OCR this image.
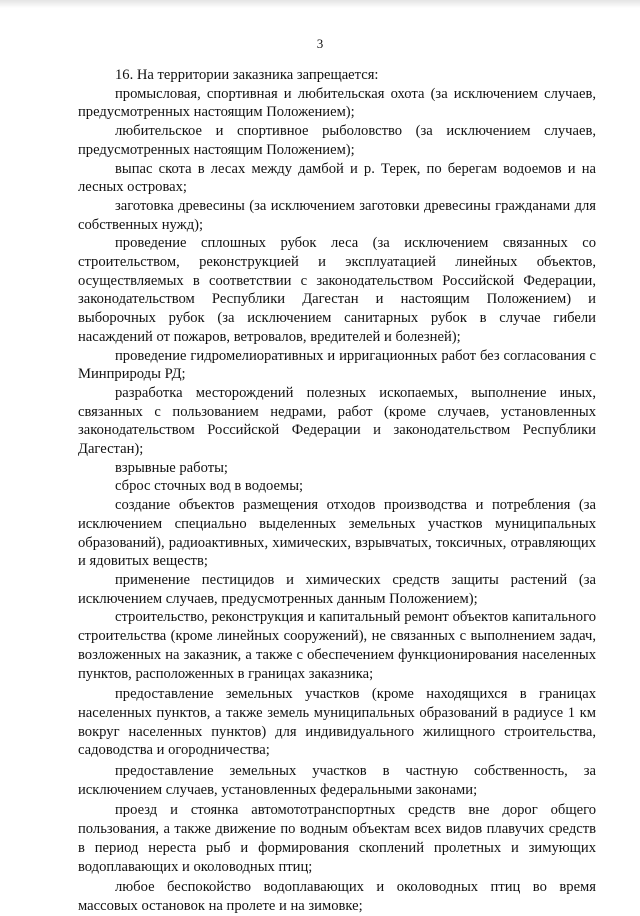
3

16. На территории заказника запрещается:

промысловая, спортивная и любительская охота (за исключением случаев, предусмотренных настоящим Положением);

любительское и спортивное рыболовство (за исключением случаев, предусмотренных настоящим Положением);

выпас скота в лесах между дамбой и р. Терек, по берегам водоемов и на лесных островах;

заготовка древесины (за исключением заготовки древесины гражданами для собственных нужд);

проведение сплошных рубок леса (за исключением связанных со строительством, реконструкцией и эксплуатацией линейных объектов, осуществляемых в соответствии с законодательством Российской Федерации, законодательством Республики Дагестан и настоящим Положением) и выборочных рубок (за исключением санитарных рубок в случае гибели насаждений от пожаров, ветровалов, вредителей и болезней);

проведение гидромелиоративных и ирригационных работ без согласования с Минприроды РД;

разработка месторождений полезных ископаемых, выполнение иных, связанных с пользованием недрами, работ (кроме случаев, установленных законодательством Российской Федерации и законодательством Республики Дагестан);

взрывные работы;

сброс сточных вод в водоемы;

создание объектов размещения отходов производства и потребления (за исключением специально выделенных земельных участков муниципальных образований), радиоактивных, химических, взрывчатых, токсичных, отравляющих и ядовитых веществ;

применение пестицидов и химических средств защиты растений (за исключением случаев, предусмотренных данным Положением);

строительство, реконструкция и капитальный ремонт объектов капитального строительства (кроме линейных сооружений), не связанных с выполнением задач, возложенных на заказник, а также с обеспечением функционирования населенных пунктов, расположенных в границах заказника;

предоставление земельных участков (кроме находящихся в границах населенных пунктов, а также земель муниципальных образований в радиусе 1 км вокруг населенных пунктов) для индивидуального жилищного строительства, садоводства и огородничества;

предоставление земельных участков в частную собственность, за исключением случаев, установленных федеральными законами;

проезд и стоянка автомототранспортных средств вне дорог общего пользования, а также движение по водным объектам всех видов плавучих средств в период нереста рыб и формирования скоплений пролетных и зимующих водоплавающих и околоводных птиц;

любое беспокойство водоплавающих и околоводных птиц во время массовых остановок на пролете и на зимовке;
